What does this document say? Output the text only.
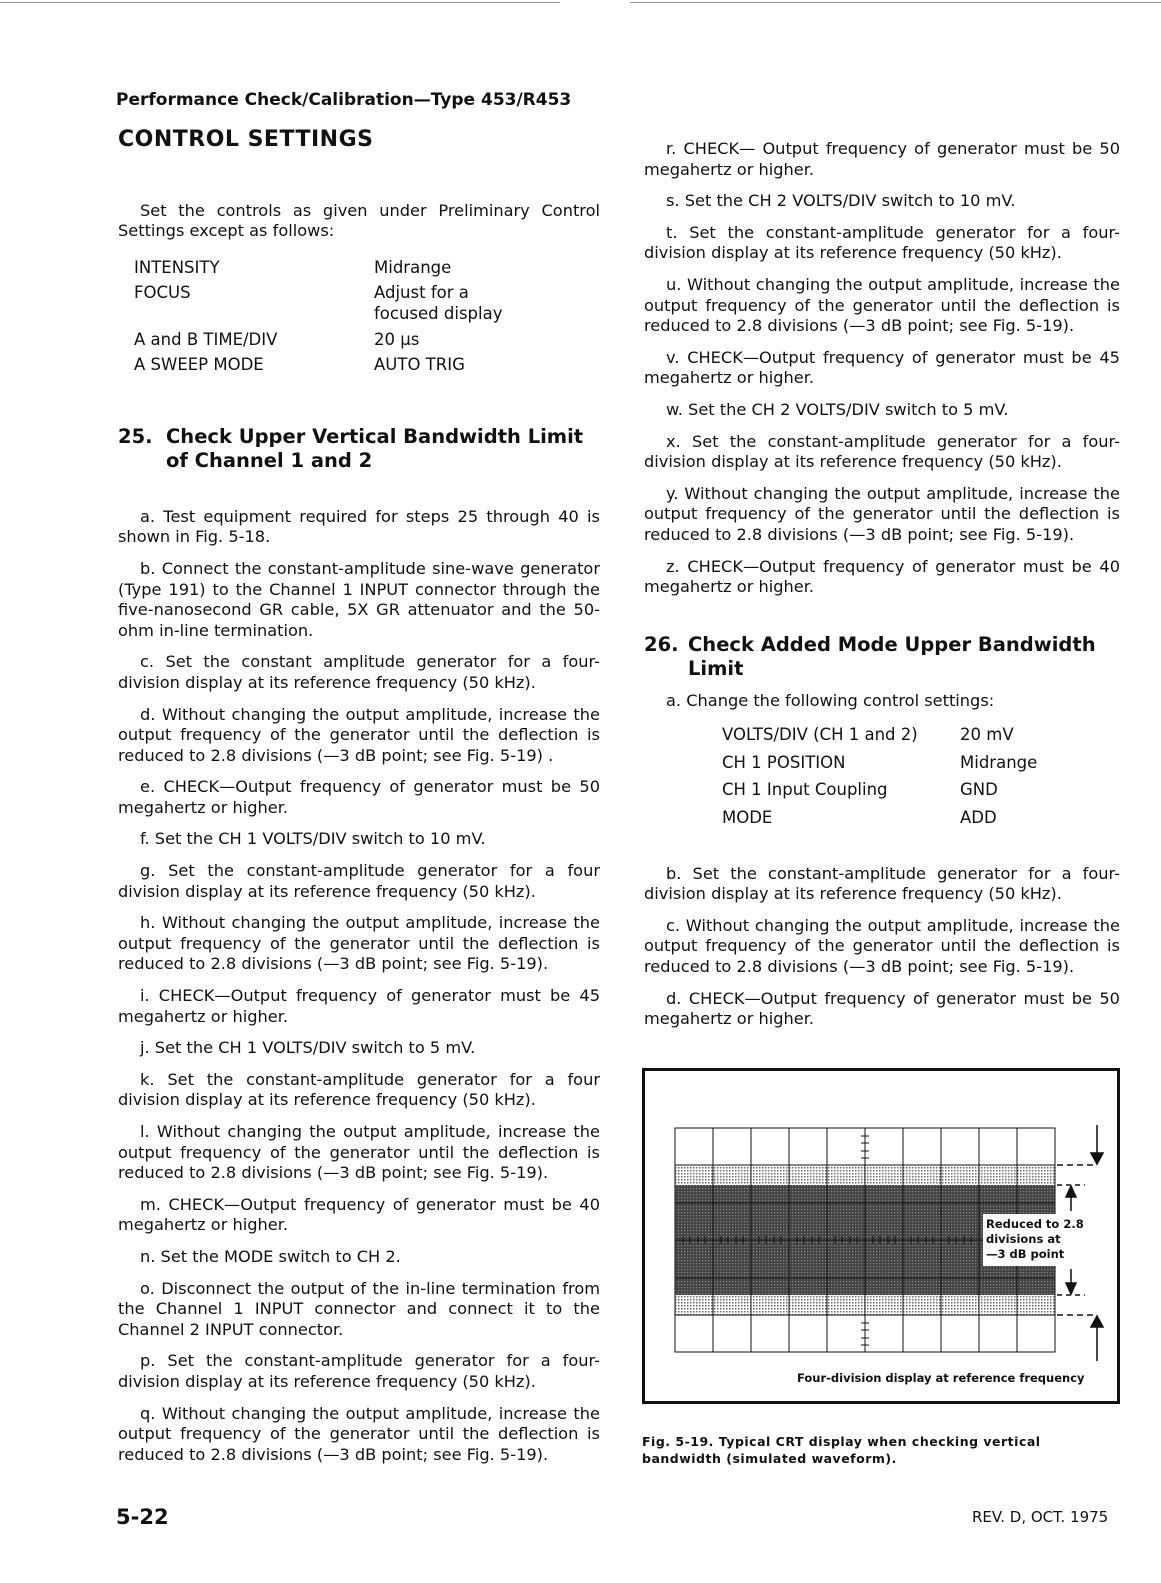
Performance Check/Calibration—Type 453/R453
CONTROL SETTINGS

Set the controls as given under Preliminary Control Settings except as follows:

INTENSITY	Midrange
FOCUS	Adjust for a focused display
A and B TIME/DIV	20 μs
A SWEEP MODE	AUTO TRIG
25. Check Upper Vertical Bandwidth Limit of Channel 1 and 2

a. Test equipment required for steps 25 through 40 is shown in Fig. 5-18.

b. Connect the constant-amplitude sine-wave generator (Type 191) to the Channel 1 INPUT connector through the five-nanosecond GR cable, 5X GR attenuator and the 50-ohm in-line termination.

c. Set the constant amplitude generator for a four-division display at its reference frequency (50 kHz).

d. Without changing the output amplitude, increase the output frequency of the generator until the deflection is reduced to 2.8 divisions (—3 dB point; see Fig. 5-19) .

e. CHECK—Output frequency of generator must be 50 megahertz or higher.

f. Set the CH 1 VOLTS/DIV switch to 10 mV.

g. Set the constant-amplitude generator for a four division display at its reference frequency (50 kHz).

h. Without changing the output amplitude, increase the output frequency of the generator until the deflection is reduced to 2.8 divisions (—3 dB point; see Fig. 5-19).

i. CHECK—Output frequency of generator must be 45 megahertz or higher.

j. Set the CH 1 VOLTS/DIV switch to 5 mV.

k. Set the constant-amplitude generator for a four division display at its reference frequency (50 kHz).

l. Without changing the output amplitude, increase the output frequency of the generator until the deflection is reduced to 2.8 divisions (—3 dB point; see Fig. 5-19).

m. CHECK—Output frequency of generator must be 40 megahertz or higher.

n. Set the MODE switch to CH 2.

o. Disconnect the output of the in-line termination from the Channel 1 INPUT connector and connect it to the Channel 2 INPUT connector.

p. Set the constant-amplitude generator for a four-division display at its reference frequency (50 kHz).

q. Without changing the output amplitude, increase the output frequency of the generator until the deflection is reduced to 2.8 divisions (—3 dB point; see Fig. 5-19).

r. CHECK— Output frequency of generator must be 50 megahertz or higher.

s. Set the CH 2 VOLTS/DIV switch to 10 mV.

t. Set the constant-amplitude generator for a four-division display at its reference frequency (50 kHz).

u. Without changing the output amplitude, increase the output frequency of the generator until the deflection is reduced to 2.8 divisions (—3 dB point; see Fig. 5-19).

v. CHECK—Output frequency of generator must be 45 megahertz or higher.

w. Set the CH 2 VOLTS/DIV switch to 5 mV.

x. Set the constant-amplitude generator for a four-division display at its reference frequency (50 kHz).

y. Without changing the output amplitude, increase the output frequency of the generator until the deflection is reduced to 2.8 divisions (—3 dB point; see Fig. 5-19).

z. CHECK—Output frequency of generator must be 40 megahertz or higher.

26. Check Added Mode Upper Bandwidth Limit

a. Change the following control settings:

VOLTS/DIV (CH 1 and 2)	20 mV
CH 1 POSITION	Midrange
CH 1 Input Coupling	GND
MODE	ADD

b. Set the constant-amplitude generator for a four-division display at its reference frequency (50 kHz).

c. Without changing the output amplitude, increase the output frequency of the generator until the deflection is reduced to 2.8 divisions (—3 dB point; see Fig. 5-19).

d. CHECK—Output frequency of generator must be 50 megahertz or higher.

Reduced to 2.8
divisions at
—3 dB point
Four-division display at reference frequency
Fig. 5-19. Typical CRT display when checking vertical bandwidth (simulated waveform).
5-22	REV. D, OCT. 1975
